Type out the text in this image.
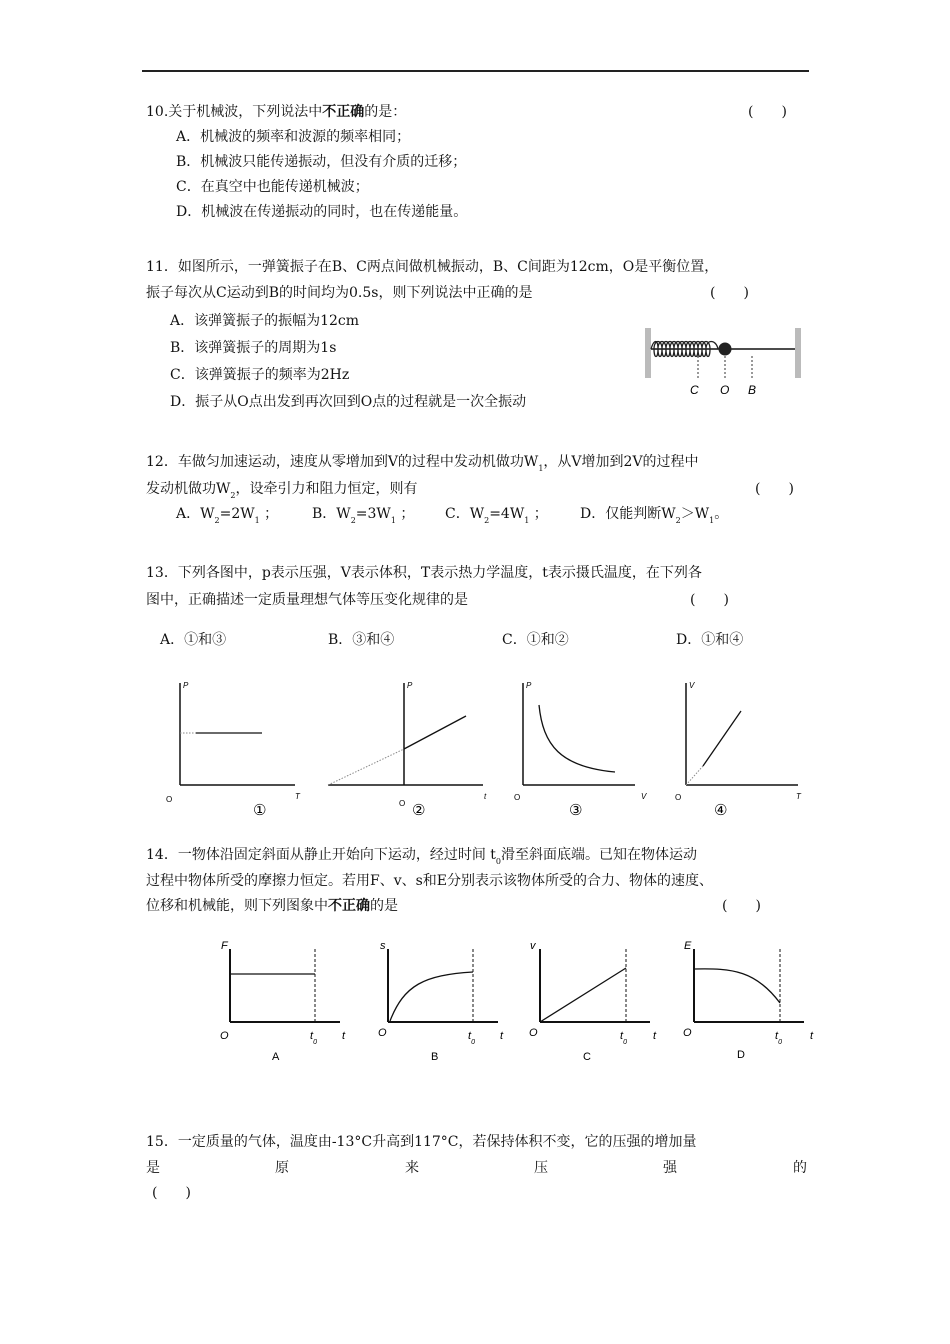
10.关于机械波，下列说法中不正确的是：	(　　)
A．机械波的频率和波源的频率相同；
B．机械波只能传递振动，但没有介质的迁移；
C．在真空中也能传递机械波；
D．机械波在传递振动的同时，也在传递能量。
11．如图所示，一弹簧振子在B、C两点间做机械振动，B、C间距为12cm，O是平衡位置，
振子每次从C运动到B的时间均为0.5s，则下列说法中正确的是	(　　)
A．该弹簧振子的振幅为12cm
B．该弹簧振子的周期为1s
C．该弹簧振子的频率为2Hz
D．振子从O点出发到再次回到O点的过程就是一次全振动
C O B
12．车做匀加速运动，速度从零增加到V的过程中发动机做功$W_1$，从V增加到2V的过程中
发动机做功$W_2$，设牵引力和阻力恒定，则有	(　　)
A．$W_2=2W_1$ ； B．$W_2=3W_1$ ； C．$W_2=4W_1$ ； D．仅能判断$W_2>W_1$。
13．下列各图中，p表示压强，V表示体积，T表示热力学温度，t表示摄氏温度，在下列各
图中，正确描述一定质量理想气体等压变化规律的是	(　　)
A．①和③	B．③和④	C．①和②	D．①和④
P
T
O
①
P
t
O ②
P
V
O
③
V
T
O
④
14．一物体沿固定斜面从静止开始向下运动，经过时间 $t_0$滑至斜面底端。已知在物体运动
过程中物体所受的摩擦力恒定。若用F、v、s和E分别表示该物体所受的合力、物体的速度、
位移和机械能，则下列图象中不正确的是	(　　)
F
t
O	$t_0$
A
s
t
O	$t_0$
B
v
t
O	$t_0$
C
E
t
O	$t_0$
D
15．一定质量的气体，温度由-13°C升高到117°C，若保持体积不变，它的压强的增加量
是	原	来	压	强	的
(　　)
